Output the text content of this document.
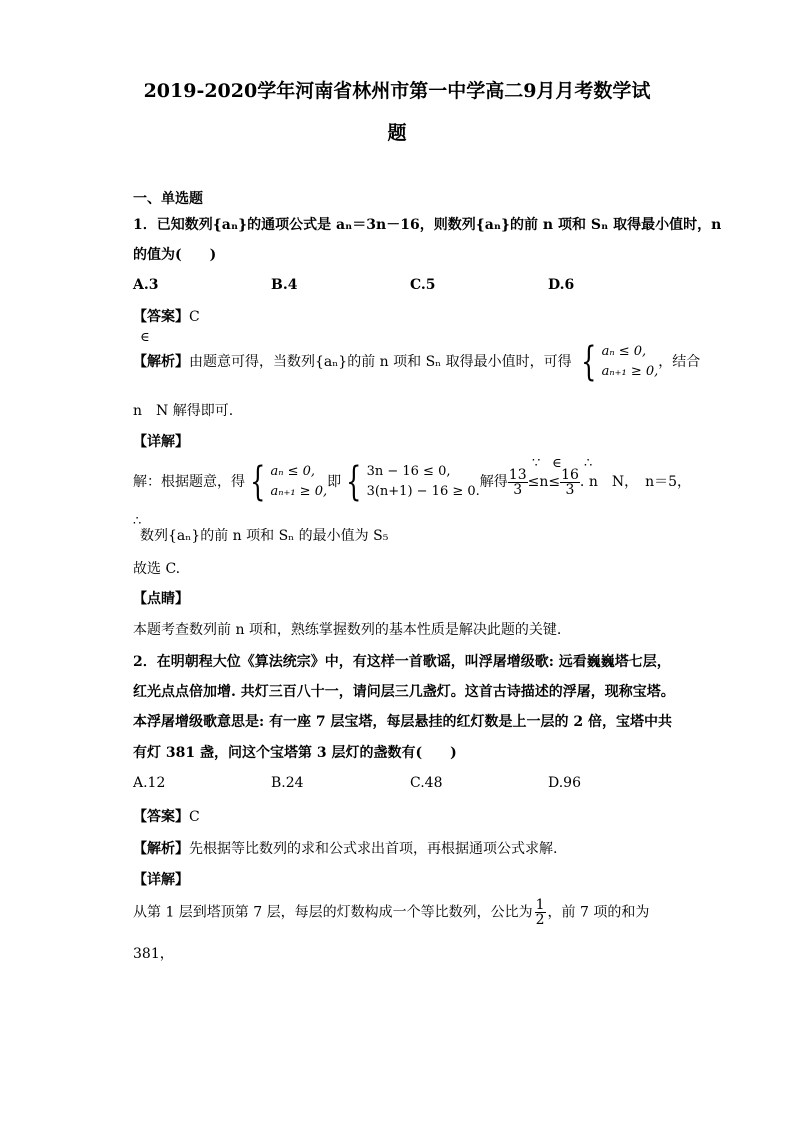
2019-2020学年河南省林州市第一中学高二9月月考数学试
题
一、单选题
1．已知数列{aₙ}的通项公式是 aₙ＝3n－16，则数列{aₙ}的前 n 项和 Sₙ 取得最小值时，n
的值为(　　)
A.3	B.4	C.5	D.6
【答案】C
∈
【解析】由题意可得，当数列{aₙ}的前 n 项和 Sₙ 取得最小值时，可得 { aₙ ≤ 0,
aₙ₊₁ ≥ 0,
，结合
n　N 解得即可.
【详解】
∵ ∈ ∴
解：根据题意，得 { aₙ ≤ 0,
aₙ₊₁ ≥ 0,
即 { 3n − 16 ≤ 0,
3(n+1) − 16 ≥ 0.
解得 $\frac{13}{3} \le n\le \frac{16}{3}$ . n　N，　n＝5，
∴
数列{aₙ}的前 n 项和 Sₙ 的最小值为 S₅
故选 C.
【点睛】
本题考查数列前 n 项和，熟练掌握数列的基本性质是解决此题的关键.
2．在明朝程大位《算法统宗》中，有这样一首歌谣，叫浮屠增级歌: 远看巍巍塔七层，
红光点点倍加增. 共灯三百八十一，请问层三几盏灯。这首古诗描述的浮屠，现称宝塔。
本浮屠增级歌意思是: 有一座 7 层宝塔，每层悬挂的红灯数是上一层的 2 倍，宝塔中共
有灯 381 盏，问这个宝塔第 3 层灯的盏数有(　　)
A.12	B.24	C.48	D.96
【答案】C
【解析】先根据等比数列的求和公式求出首项，再根据通项公式求解.
【详解】
从第 1 层到塔顶第 7 层，每层的灯数构成一个等比数列，公比为 $\frac{1}{2}$ ，前 7 项的和为
381，
